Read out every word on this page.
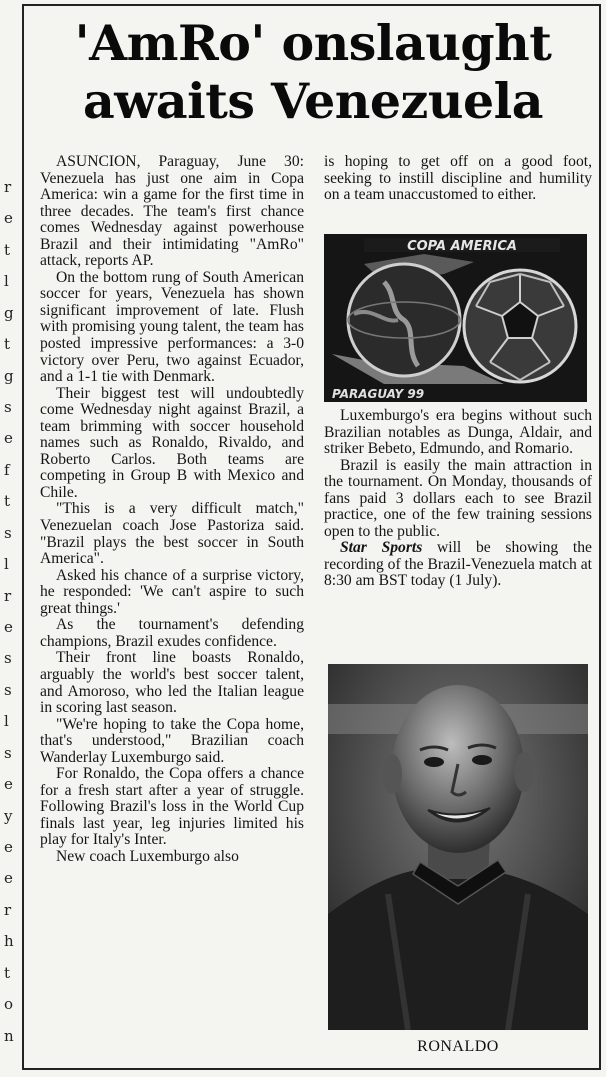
r
e
t
l
g
t
g
s
e
f
t
s
l
r
e
s
s
l
s
e
y
e
e
r
h
t
o
n
'AmRo' onslaught
awaits Venezuela

ASUNCION, Paraguay, June 30: Venezuela has just one aim in Copa America: win a game for the first time in three decades. The team's first chance comes Wednesday against powerhouse Brazil and their intimidating "AmRo" attack, reports AP.

On the bottom rung of South American soccer for years, Venezuela has shown significant improvement of late. Flush with promising young talent, the team has posted impressive performances: a 3-0 victory over Peru, two against Ecuador, and a 1-1 tie with Denmark.

Their biggest test will undoubtedly come Wednesday night against Brazil, a team brimming with soccer household names such as Ronaldo, Rivaldo, and Roberto Carlos. Both teams are competing in Group B with Mexico and Chile.

"This is a very difficult match," Venezuelan coach Jose Pastoriza said. "Brazil plays the best soccer in South America".

Asked his chance of a surprise victory, he responded: 'We can't aspire to such great things.'

As the tournament's defending champions, Brazil exudes confidence.

Their front line boasts Ronaldo, arguably the world's best soccer talent, and Amoroso, who led the Italian league in scoring last season.

"We're hoping to take the Copa home, that's understood," Brazilian coach Wanderlay Luxemburgo said.

For Ronaldo, the Copa offers a chance for a fresh start after a year of struggle. Following Brazil's loss in the World Cup finals last year, leg injuries limited his play for Italy's Inter.

New coach Luxemburgo also

is hoping to get off on a good foot, seeking to instill discipline and humility on a team unaccustomed to either.

COPA AMERICA
PARAGUAY 99

Luxemburgo's era begins without such Brazilian notables as Dunga, Aldair, and striker Bebeto, Edmundo, and Romario.

Brazil is easily the main attraction in the tournament. On Monday, thousands of fans paid 3 dollars each to see Brazil practice, one of the few training sessions open to the public.

Star Sports will be showing the recording of the Brazil-Venezuela match at 8:30 am BST today (1 July).

RONALDO
